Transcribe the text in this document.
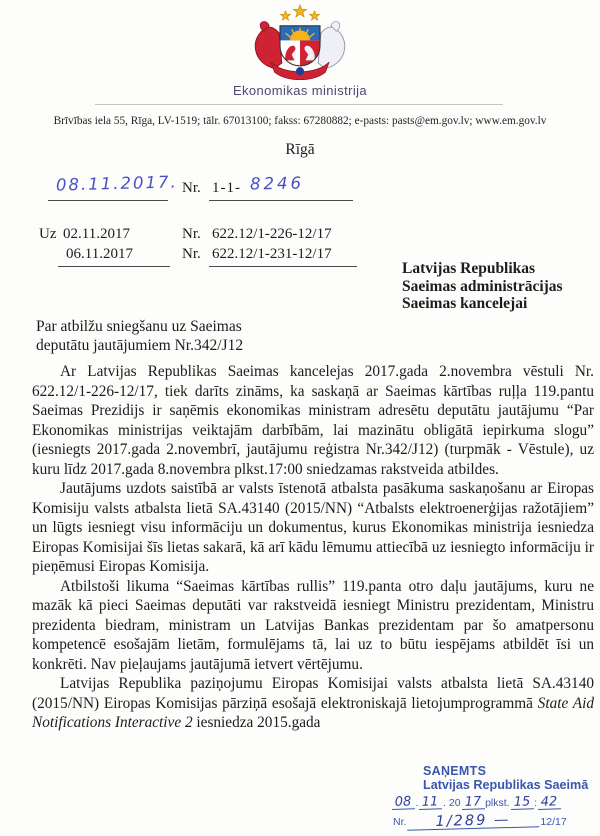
Ekonomikas ministrija
Brīvības iela 55, Rīga, LV-1519; tālr. 67013100; fakss: 67280882; e-pasts: pasts@em.gov.lv; www.em.gov.lv
Rīgā
08.11.2017. Nr. 1-1- 8246
Uz 02.11.2017	Nr. 622.12/1-226-12/17
06.11.2017	Nr. 622.12/1-231-12/17
Latvijas Republikas
Saeimas administrācijas
Saeimas kancelejai
Par atbilžu sniegšanu uz Saeimas
deputātu jautājumiem Nr.342/J12

Ar Latvijas Republikas Saeimas kancelejas 2017.gada 2.novembra vēstuli Nr. 622.12/1-226-12/17, tiek darīts zināms, ka saskaņā ar Saeimas kārtības ruļļa 119.pantu Saeimas Prezidijs ir saņēmis ekonomikas ministram adresētu deputātu jautājumu “Par Ekonomikas ministrijas veiktajām darbībām, lai mazinātu obligātā iepirkuma slogu” (iesniegts 2017.gada 2.novembrī, jautājumu reģistra Nr.342/J12) (turpmāk - Vēstule), uz kuru līdz 2017.gada 8.novembra plkst.17:00 sniedzamas rakstveida atbildes.

Jautājums uzdots saistībā ar valsts īstenotā atbalsta pasākuma saskaņošanu ar Eiropas Komisiju valsts atbalsta lietā SA.43140 (2015/NN) “Atbalsts elektroenerģijas ražotājiem” un lūgts iesniegt visu informāciju un dokumentus, kurus Ekonomikas ministrija iesniedza Eiropas Komisijai šīs lietas sakarā, kā arī kādu lēmumu attiecībā uz iesniegto informāciju ir pieņēmusi Eiropas Komisija.

Atbilstoši likuma “Saeimas kārtības rullis” 119.panta otro daļu jautājums, kuru ne mazāk kā pieci Saeimas deputāti var rakstveidā iesniegt Ministru prezidentam, Ministru prezidenta biedram, ministram un Latvijas Bankas prezidentam par šo amatpersonu kompetencē esošajām lietām, formulējams tā, lai uz to būtu iespējams atbildēt īsi un konkrēti. Nav pieļaujams jautājumā ietvert vērtējumu.

Latvijas Republika paziņojumu Eiropas Komisijai valsts atbalsta lietā SA.43140 (2015/NN) Eiropas Komisijas pārziņā esošajā elektroniskajā lietojumprogrammā State Aid Notifications Interactive 2 iesniedza 2015.gada

SAŅEMTS
Latvijas Republikas Saeimā
08 . 11 . 20 17 plkst. 15 : 42
Nr.	1/289 —	12/17
